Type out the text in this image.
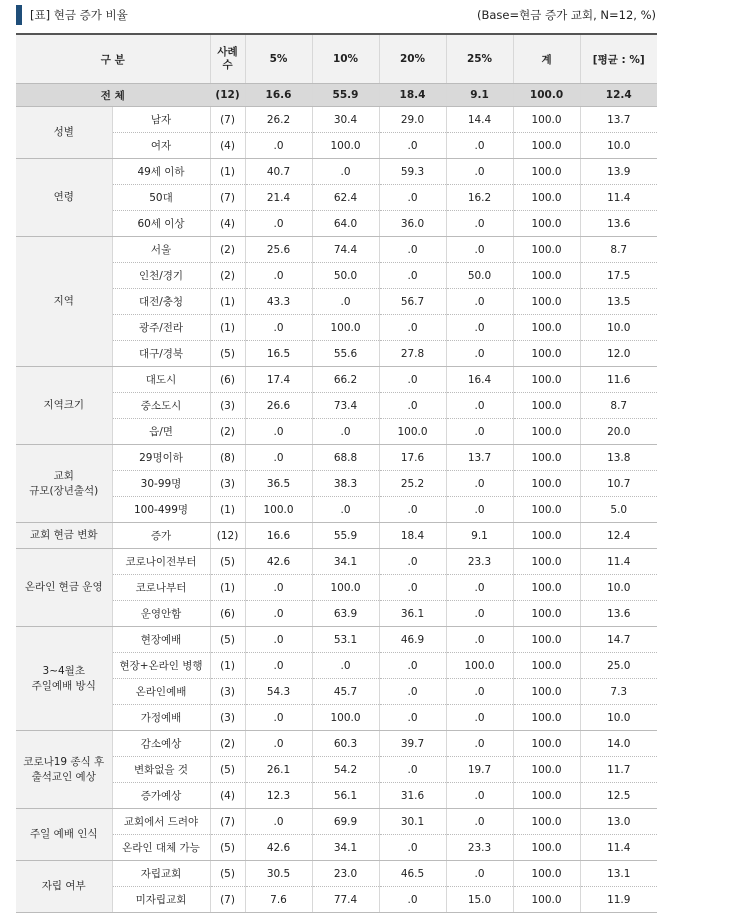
[표] 현금 증가 비율	(Base=현금 증가 교회, N=12, %)
구 분		사례
수	5%	10%	20%	25%	계	[평균 : %]
전 체		(12)	16.6	55.9	18.4	9.1	100.0	12.4
성별	남자	(7)	26.2	30.4	29.0	14.4	100.0	13.7
	여자	(4)	.0	100.0	.0	.0	100.0	10.0
연령	49세 이하	(1)	40.7	.0	59.3	.0	100.0	13.9
	50대	(7)	21.4	62.4	.0	16.2	100.0	11.4
	60세 이상	(4)	.0	64.0	36.0	.0	100.0	13.6
지역	서울	(2)	25.6	74.4	.0	.0	100.0	8.7
	인천/경기	(2)	.0	50.0	.0	50.0	100.0	17.5
	대전/충청	(1)	43.3	.0	56.7	.0	100.0	13.5
	광주/전라	(1)	.0	100.0	.0	.0	100.0	10.0
	대구/경북	(5)	16.5	55.6	27.8	.0	100.0	12.0
지역크기	대도시	(6)	17.4	66.2	.0	16.4	100.0	11.6
	중소도시	(3)	26.6	73.4	.0	.0	100.0	8.7
	읍/면	(2)	.0	.0	100.0	.0	100.0	20.0
교회
규모(장년출석)	29명이하	(8)	.0	68.8	17.6	13.7	100.0	13.8
	30-99명	(3)	36.5	38.3	25.2	.0	100.0	10.7
	100-499명	(1)	100.0	.0	.0	.0	100.0	5.0
교회 현금 변화	증가	(12)	16.6	55.9	18.4	9.1	100.0	12.4
온라인 현금 운영	코로나이전부터	(5)	42.6	34.1	.0	23.3	100.0	11.4
	코로나부터	(1)	.0	100.0	.0	.0	100.0	10.0
	운영안함	(6)	.0	63.9	36.1	.0	100.0	13.6
3~4월초
주일예배 방식	현장예배	(5)	.0	53.1	46.9	.0	100.0	14.7
	현장+온라인 병행	(1)	.0	.0	.0	100.0	100.0	25.0
	온라인예배	(3)	54.3	45.7	.0	.0	100.0	7.3
	가정예배	(3)	.0	100.0	.0	.0	100.0	10.0
코로나19 종식 후
출석교인 예상	감소예상	(2)	.0	60.3	39.7	.0	100.0	14.0
	변화없을 것	(5)	26.1	54.2	.0	19.7	100.0	11.7
	증가예상	(4)	12.3	56.1	31.6	.0	100.0	12.5
주일 예배 인식	교회에서 드려야	(7)	.0	69.9	30.1	.0	100.0	13.0
	온라인 대체 가능	(5)	42.6	34.1	.0	23.3	100.0	11.4
자립 여부	자립교회	(5)	30.5	23.0	46.5	.0	100.0	13.1
	미자립교회	(7)	7.6	77.4	.0	15.0	100.0	11.9
